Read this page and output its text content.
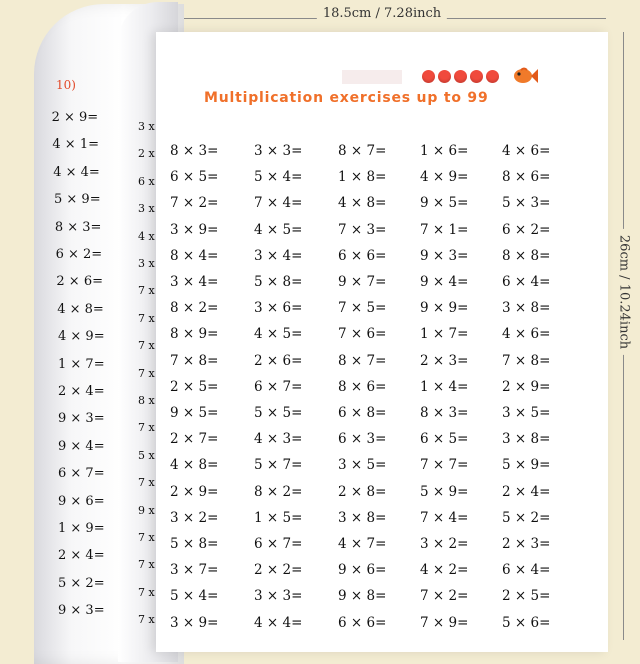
18.5cm / 7.28inch
26cm / 10.24inch
10)
2 × 9=
4 × 1=
4 × 4=
5 × 9=
8 × 3=
6 × 2=
2 × 6=
4 × 8=
4 × 9=
1 × 7=
2 × 4=
9 × 3=
9 × 4=
6 × 7=
9 × 6=
1 × 9=
2 × 4=
5 × 2=
9 × 3=
3 x
2 x
6 x
3 x
4 x
3 x
7 x
7 x
7 x
7 x
8 x
7 x
5 x
7 x
9 x
7 x
7 x
7 x
7 x
Multiplication exercises up to 99
8 × 3=	3 × 3=	8 × 7= 1 × 6= 4 × 6=
6 × 5=	5 × 4=	1 × 8= 4 × 9= 8 × 6=
7 × 2=	7 × 4=	4 × 8= 9 × 5= 5 × 3=
3 × 9=	4 × 5=	7 × 3= 7 × 1= 6 × 2=
8 × 4=	3 × 4=	6 × 6= 9 × 3= 8 × 8=
3 × 4=	5 × 8=	9 × 7= 9 × 4= 6 × 4=
8 × 2=	3 × 6=	7 × 5= 9 × 9= 3 × 8=
8 × 9=	4 × 5=	7 × 6= 1 × 7= 4 × 6=
7 × 8=	2 × 6=	8 × 7= 2 × 3= 7 × 8=
2 × 5=	6 × 7=	8 × 6= 1 × 4= 2 × 9=
9 × 5=	5 × 5=	6 × 8= 8 × 3= 3 × 5=
2 × 7=	4 × 3=	6 × 3= 6 × 5= 3 × 8=
4 × 8=	5 × 7=	3 × 5= 7 × 7= 5 × 9=
2 × 9=	8 × 2=	2 × 8= 5 × 9= 2 × 4=
3 × 2=	1 × 5=	3 × 8= 7 × 4= 5 × 2=
5 × 8=	6 × 7=	4 × 7= 3 × 2= 2 × 3=
3 × 7=	2 × 2=	9 × 6= 4 × 2= 6 × 4=
5 × 4=	3 × 3=	9 × 8= 7 × 2= 2 × 5=
3 × 9=	4 × 4=	6 × 6= 7 × 9= 5 × 6=
